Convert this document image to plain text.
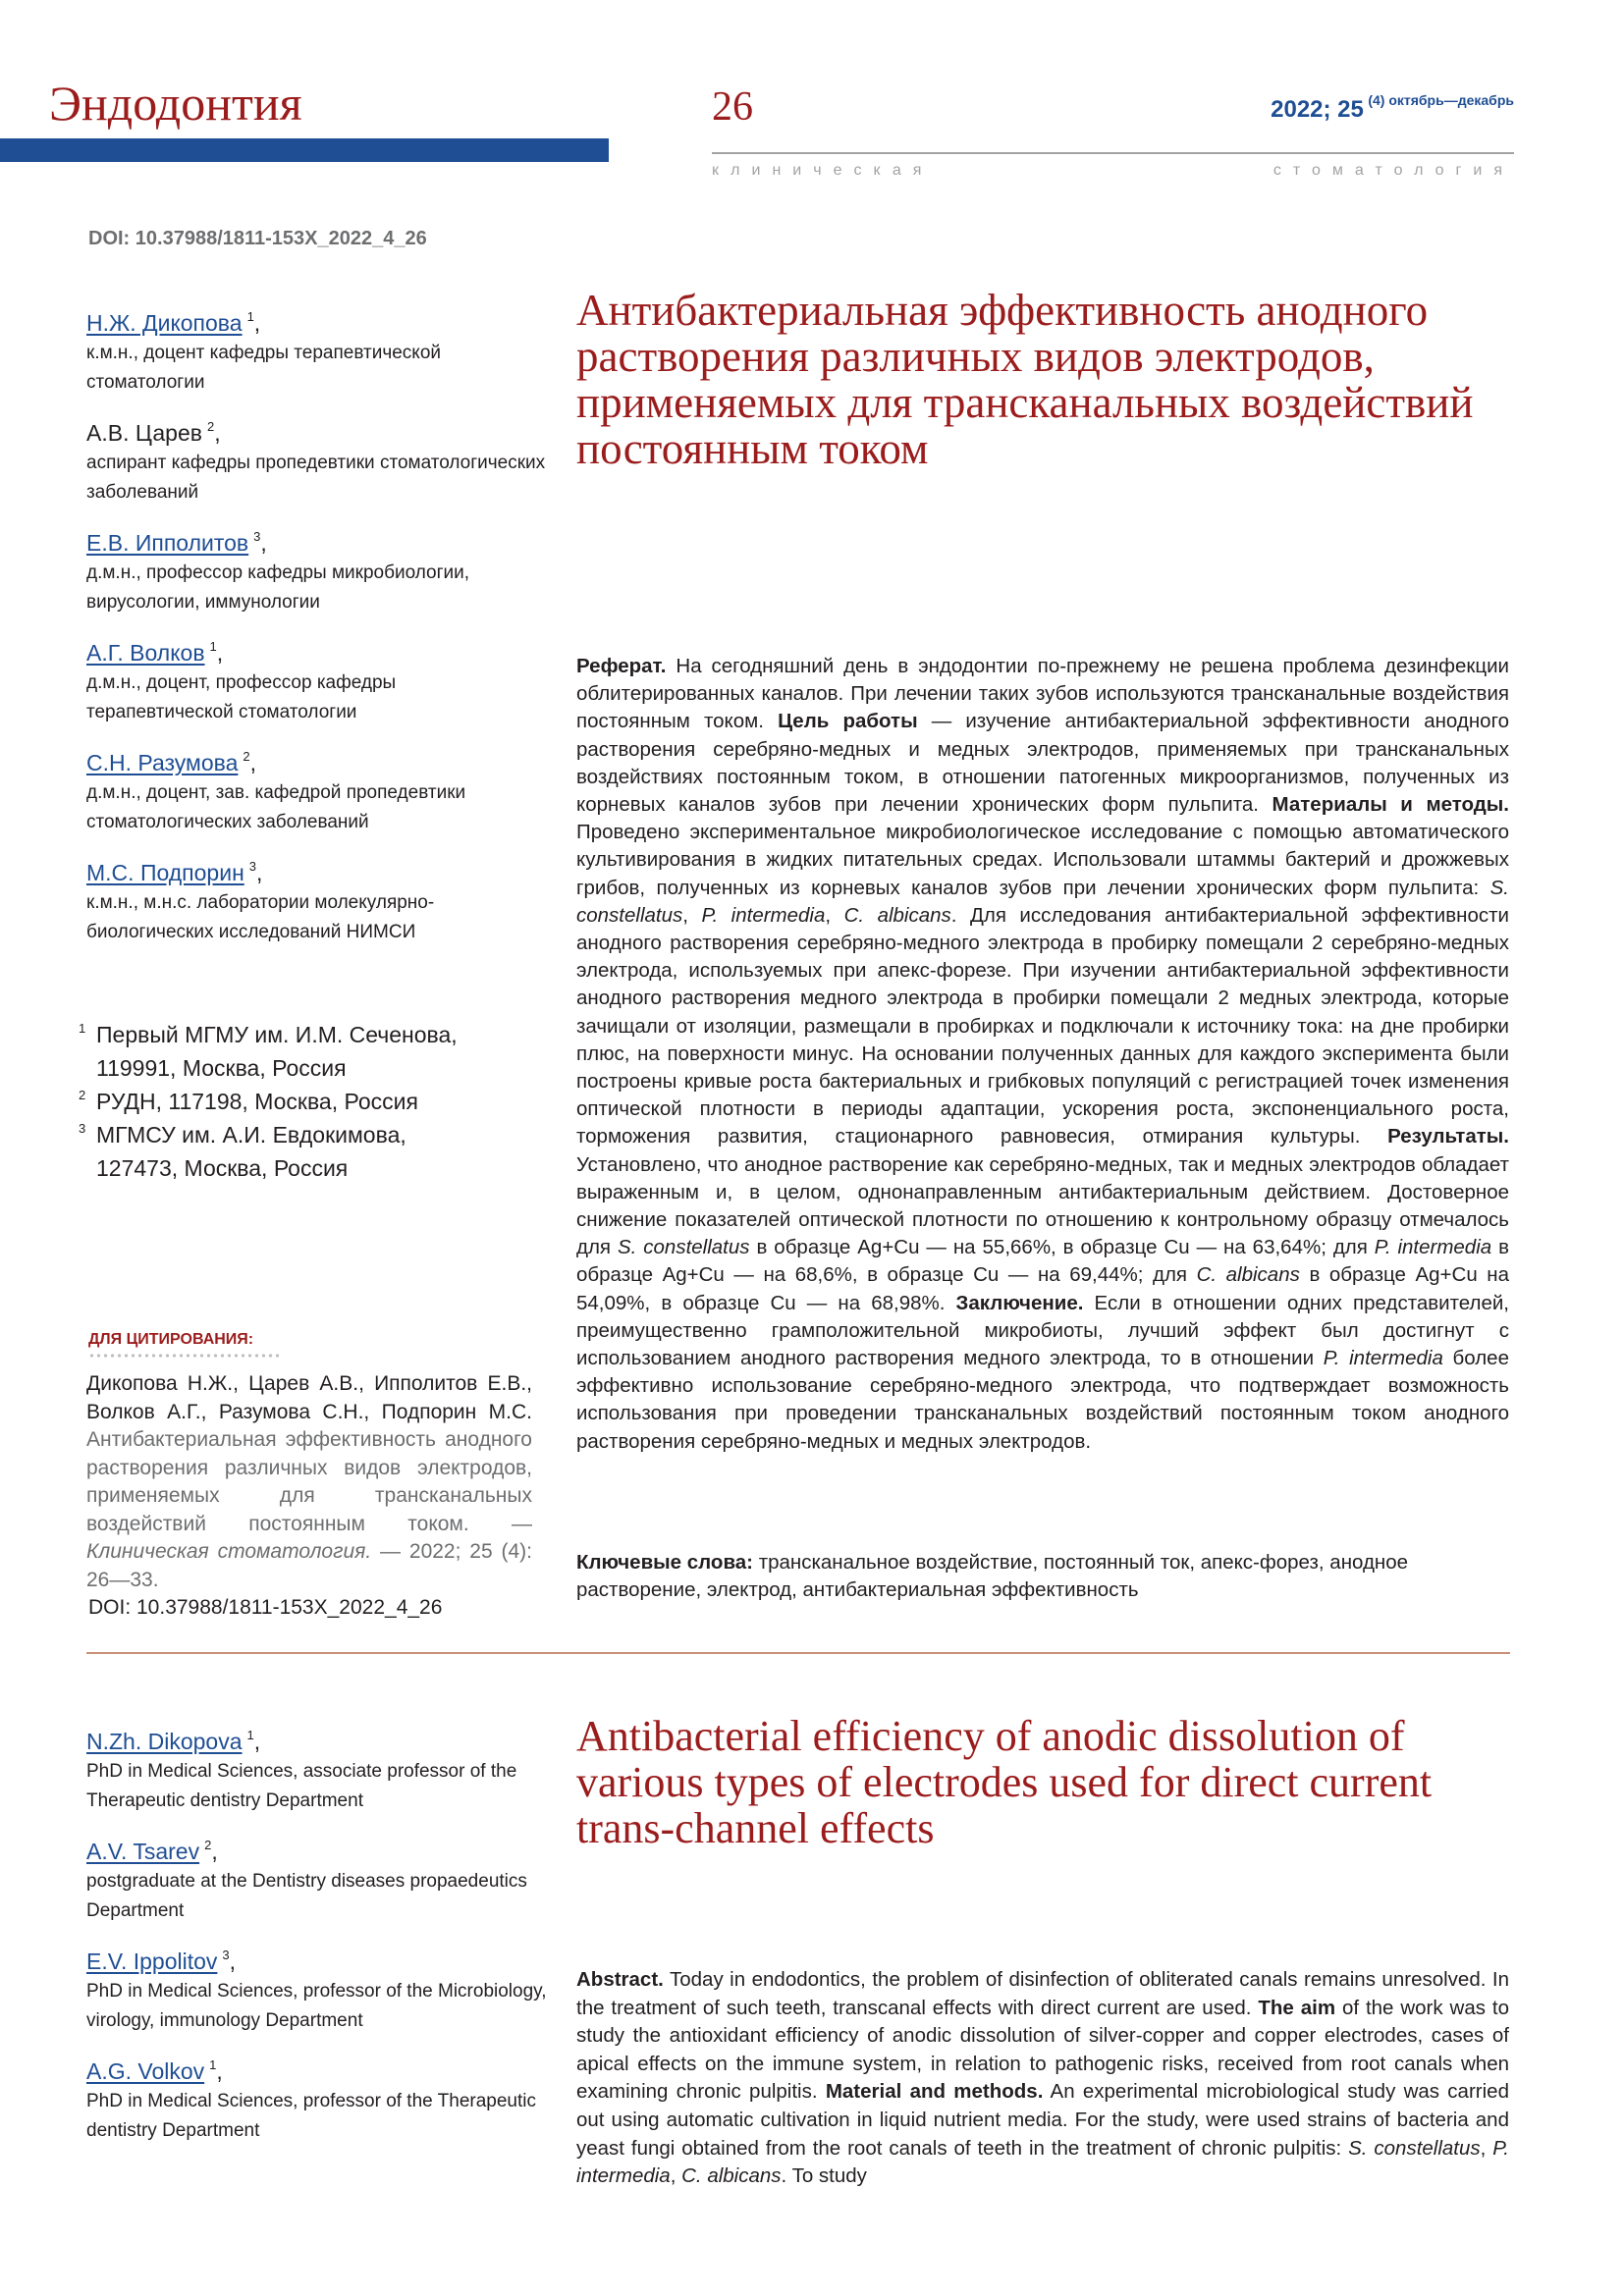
Эндодонтия	26	2022; 25 (4) октябрь—декабрь
клиническая стоматология
DOI: 10.37988/1811-153X_2022_4_26
Н.Ж. Дикопова $^1$,
к.м.н., доцент кафедры терапевтической стоматологии
А.В. Царев $^2$,
аспирант кафедры пропедевтики стоматологических заболеваний
Е.В. Ипполитов $^3$,
д.м.н., профессор кафедры микробиологии, вирусологии, иммунологии
А.Г. Волков $^1$,
д.м.н., доцент, профессор кафедры терапевтической стоматологии
С.Н. Разумова $^2$,
д.м.н., доцент, зав. кафедрой пропедевтики стоматологических заболеваний
М.С. Подпорин $^3$,
к.м.н., м.н.с. лаборатории молекулярно-биологических исследований НИМСИ
1 Первый МГМУ им. И.М. Сеченова, 119991, Москва, Россия
2 РУДН, 117198, Москва, Россия
3 МГМСУ им. А.И. Евдокимова, 127473, Москва, Россия
ДЛЯ ЦИТИРОВАНИЯ:
Дикопова Н.Ж., Царев А.В., Ипполитов Е.В., Волков А.Г., Разумова С.Н., Подпорин М.С. Антибактериальная эффективность анодного растворения различных видов электродов, применяемых для трансканальных воздействий постоянным током. — Клиническая стоматология. — 2022; 25 (4): 26—33.
DOI: 10.37988/1811-153X_2022_4_26
Антибактериальная эффективность анодного растворения различных видов электродов, применяемых для трансканальных воздействий постоянным током
Реферат. На сегодняшний день в эндодонтии по-прежнему не решена проблема дезинфекции облитерированных каналов. При лечении таких зубов используются трансканальные воздействия постоянным током. Цель работы — изучение антибактериальной эффективности анодного растворения серебряно-медных и медных электродов, применяемых при трансканальных воздействиях постоянным током, в отношении патогенных микроорганизмов, полученных из корневых каналов зубов при лечении хронических форм пульпита. Материалы и методы. Проведено экспериментальное микробиологическое исследование с помощью автоматического культивирования в жидких питательных средах. Использовали штаммы бактерий и дрожжевых грибов, полученных из корневых каналов зубов при лечении хронических форм пульпита: S. constellatus, P. intermedia, C. albicans. Для исследования антибактериальной эффективности анодного растворения серебряно-медного электрода в пробирку помещали 2 серебряно-медных электрода, используемых при апекс-форезе. При изучении антибактериальной эффективности анодного растворения медного электрода в пробирки помещали 2 медных электрода, которые зачищали от изоляции, размещали в пробирках и подключали к источнику тока: на дне пробирки плюс, на поверхности минус. На основании полученных данных для каждого эксперимента были построены кривые роста бактериальных и грибковых популяций с регистрацией точек изменения оптической плотности в периоды адаптации, ускорения роста, экспоненциального роста, торможения развития, стационарного равновесия, отмирания культуры. Результаты. Установлено, что анодное растворение как серебряно-медных, так и медных электродов обладает выраженным и, в целом, однонаправленным антибактериальным действием. Достоверное снижение показателей оптической плотности по отношению к контрольному образцу отмечалось для S. constellatus в образце Ag+Cu — на 55,66%, в образце Cu — на 63,64%; для P. intermedia в образце Ag+Cu — на 68,6%, в образце Cu — на 69,44%; для C. albicans в образце Ag+Cu на 54,09%, в образце Cu — на 68,98%. Заключение. Если в отношении одних представителей, преимущественно грамположительной микробиоты, лучший эффект был достигнут с использованием анодного растворения медного электрода, то в отношении P. intermedia более эффективно использование серебряно-медного электрода, что подтверждает возможность использования при проведении трансканальных воздействий постоянным током анодного растворения серебряно-медных и медных электродов.
Ключевые слова: трансканальное воздействие, постоянный ток, апекс-форез, анодное растворение, электрод, антибактериальная эффективность
N.Zh. Dikopova $^1$,
PhD in Medical Sciences, associate professor of the Therapeutic dentistry Department
A.V. Tsarev $^2$,
postgraduate at the Dentistry diseases propaedeutics Department
E.V. Ippolitov $^3$,
PhD in Medical Sciences, professor of the Microbiology, virology, immunology Department
A.G. Volkov $^1$,
PhD in Medical Sciences, professor of the Therapeutic dentistry Department
Antibacterial efficiency of anodic dissolution of various types of electrodes used for direct current trans-channel effects
Abstract. Today in endodontics, the problem of disinfection of obliterated canals remains unresolved. In the treatment of such teeth, transcanal effects with direct current are used. The aim of the work was to study the antioxidant efficiency of anodic dissolution of silver-copper and copper electrodes, cases of apical effects on the immune system, in relation to pathogenic risks, received from root canals when examining chronic pulpitis. Material and methods. An experimental microbiological study was carried out using automatic cultivation in liquid nutrient media. For the study, were used strains of bacteria and yeast fungi obtained from the root canals of teeth in the treatment of chronic pulpitis: S. constellatus, P. intermedia, C. albicans. To study
